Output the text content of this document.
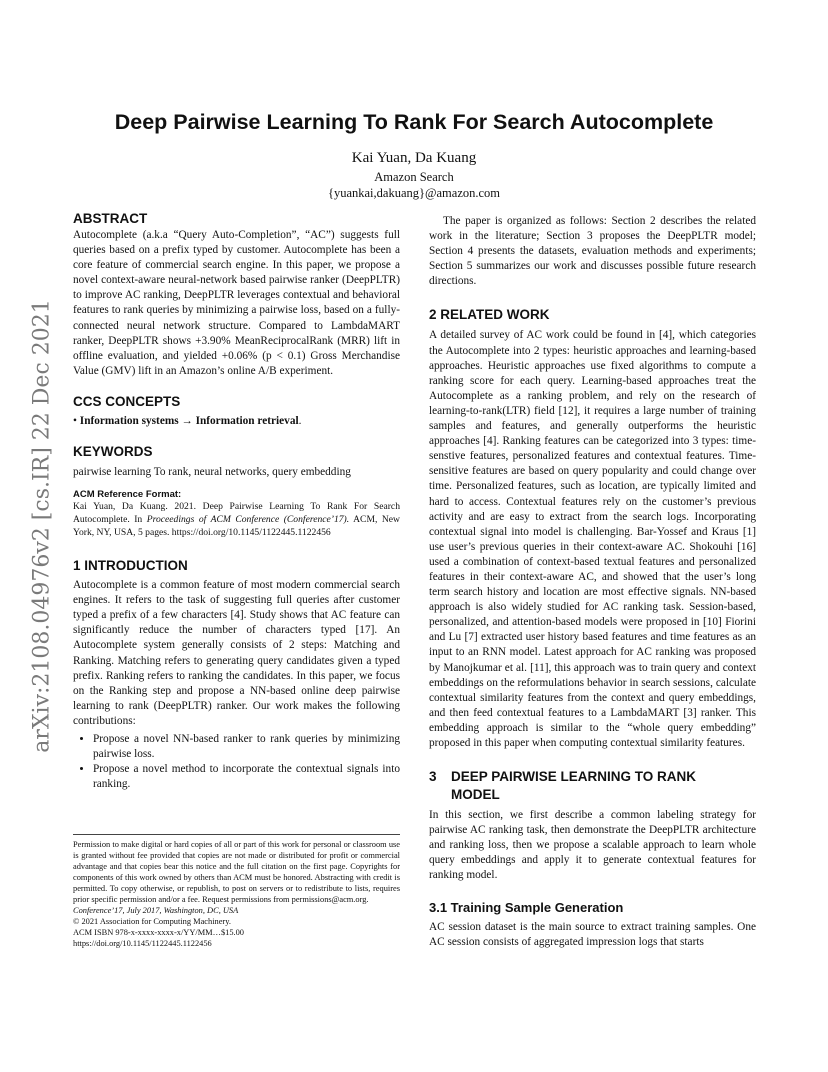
arXiv:2108.04976v2 [cs.IR] 22 Dec 2021
Deep Pairwise Learning To Rank For Search Autocomplete
Kai Yuan, Da Kuang
Amazon Search
{yuankai,dakuang}@amazon.com
ABSTRACT

Autocomplete (a.k.a “Query Auto-Completion”, “AC”) suggests full queries based on a prefix typed by customer. Autocomplete has been a core feature of commercial search engine. In this paper, we propose a novel context-aware neural-network based pairwise ranker (DeepPLTR) to improve AC ranking, DeepPLTR leverages contextual and behavioral features to rank queries by minimizing a pairwise loss, based on a fully-connected neural network structure. Compared to LambdaMART ranker, DeepPLTR shows +3.90% MeanReciprocalRank (MRR) lift in offline evaluation, and yielded +0.06% (p < 0.1) Gross Merchandise Value (GMV) lift in an Amazon’s online A/B experiment.

CCS CONCEPTS

• Information systems → Information retrieval.

KEYWORDS

pairwise learning To rank, neural networks, query embedding

ACM Reference Format:

Kai Yuan, Da Kuang. 2021. Deep Pairwise Learning To Rank For Search Autocomplete. In Proceedings of ACM Conference (Conference’17). ACM, New York, NY, USA, 5 pages. https://doi.org/10.1145/1122445.1122456

1 INTRODUCTION

Autocomplete is a common feature of most modern commercial search engines. It refers to the task of suggesting full queries after customer typed a prefix of a few characters [4]. Study shows that AC feature can significantly reduce the number of characters typed [17]. An Autocomplete system generally consists of 2 steps: Matching and Ranking. Matching refers to generating query candidates given a typed prefix. Ranking refers to ranking the candidates. In this paper, we focus on the Ranking step and propose a NN-based online deep pairwise learning to rank (DeepPLTR) ranker. Our work makes the following contributions:

• Propose a novel NN-based ranker to rank queries by minimizing pairwise loss.
• Propose a novel method to incorporate the contextual signals into ranking.

Permission to make digital or hard copies of all or part of this work for personal or classroom use is granted without fee provided that copies are not made or distributed for profit or commercial advantage and that copies bear this notice and the full citation on the first page. Copyrights for components of this work owned by others than ACM must be honored. Abstracting with credit is permitted. To copy otherwise, or republish, to post on servers or to redistribute to lists, requires prior specific permission and/or a fee. Request permissions from permissions@acm.org.

Conference’17, July 2017, Washington, DC, USA

© 2021 Association for Computing Machinery.

ACM ISBN 978-x-xxxx-xxxx-x/YY/MM…$15.00

https://doi.org/10.1145/1122445.1122456

The paper is organized as follows: Section 2 describes the related work in the literature; Section 3 proposes the DeepPLTR model; Section 4 presents the datasets, evaluation methods and experiments; Section 5 summarizes our work and discusses possible future research directions.

2 RELATED WORK

A detailed survey of AC work could be found in [4], which categories the Autocomplete into 2 types: heuristic approaches and learning-based approaches. Heuristic approaches use fixed algorithms to compute a ranking score for each query. Learning-based approaches treat the Autocomplete as a ranking problem, and rely on the research of learning-to-rank(LTR) field [12], it requires a large number of training samples and features, and generally outperforms the heuristic approaches [4]. Ranking features can be categorized into 3 types: time-senstive features, personalized features and contextual features. Time-sensitive features are based on query popularity and could change over time. Personalized features, such as location, are typically limited and hard to access. Contextual features rely on the customer’s previous activity and are easy to extract from the search logs. Incorporating contextual signal into model is challenging. Bar-Yossef and Kraus [1] use user’s previous queries in their context-aware AC. Shokouhi [16] used a combination of context-based textual features and personalized features in their context-aware AC, and showed that the user’s long term search history and location are most effective signals. NN-based approach is also widely studied for AC ranking task. Session-based, personalized, and attention-based models were proposed in [10] Fiorini and Lu [7] extracted user history based features and time features as an input to an RNN model. Latest approach for AC ranking was proposed by Manojkumar et al. [11], this approach was to train query and context embeddings on the reformulations behavior in search sessions, calculate contextual similarity features from the context and query embeddings, and then feed contextual features to a LambdaMART [3] ranker. This embedding approach is similar to the “whole query embedding” proposed in this paper when computing contextual similarity features.

3	DEEP PAIRWISE LEARNING TO RANK
MODEL

In this section, we first describe a common labeling strategy for pairwise AC ranking task, then demonstrate the DeepPLTR architecture and ranking loss, then we propose a scalable approach to learn whole query embeddings and apply it to generate contextual features for ranking model.

3.1 Training Sample Generation

AC session dataset is the main source to extract training samples. One AC session consists of aggregated impression logs that starts
